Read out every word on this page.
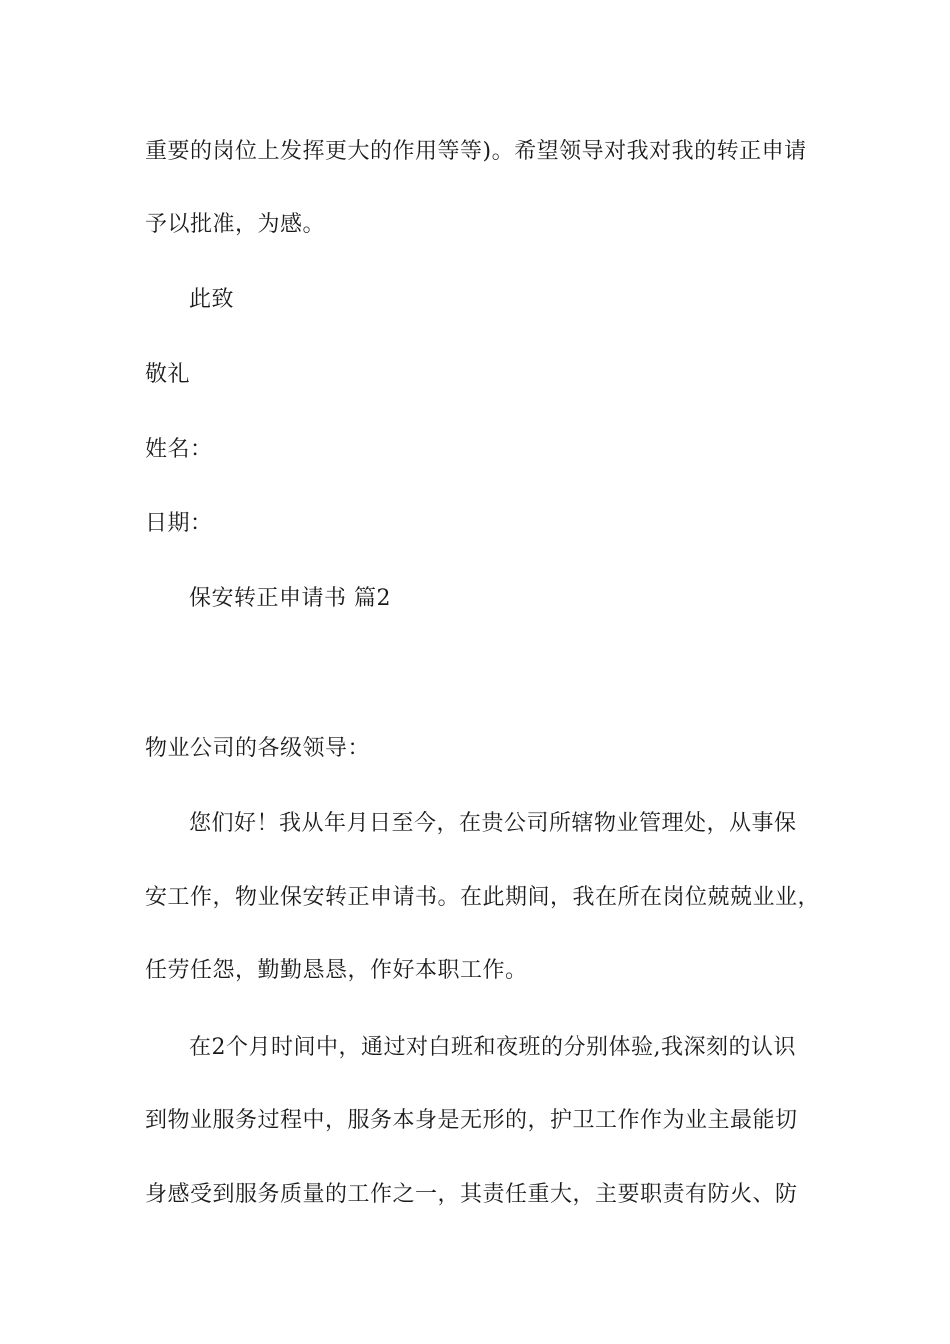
重要的岗位上发挥更大的作用等等)。希望领导对我对我的转正申请
予以批准，为感。
此致
敬礼
姓名：
日期：
保安转正申请书 篇2
物业公司的各级领导：
您们好！我从年月日至今，在贵公司所辖物业管理处，从事保
安工作，物业保安转正申请书。在此期间，我在所在岗位兢兢业业，
任劳任怨，勤勤恳恳，作好本职工作。
在2个月时间中，通过对白班和夜班的分别体验,我深刻的认识
到物业服务过程中，服务本身是无形的，护卫工作作为业主最能切
身感受到服务质量的工作之一，其责任重大，主要职责有防火、防
